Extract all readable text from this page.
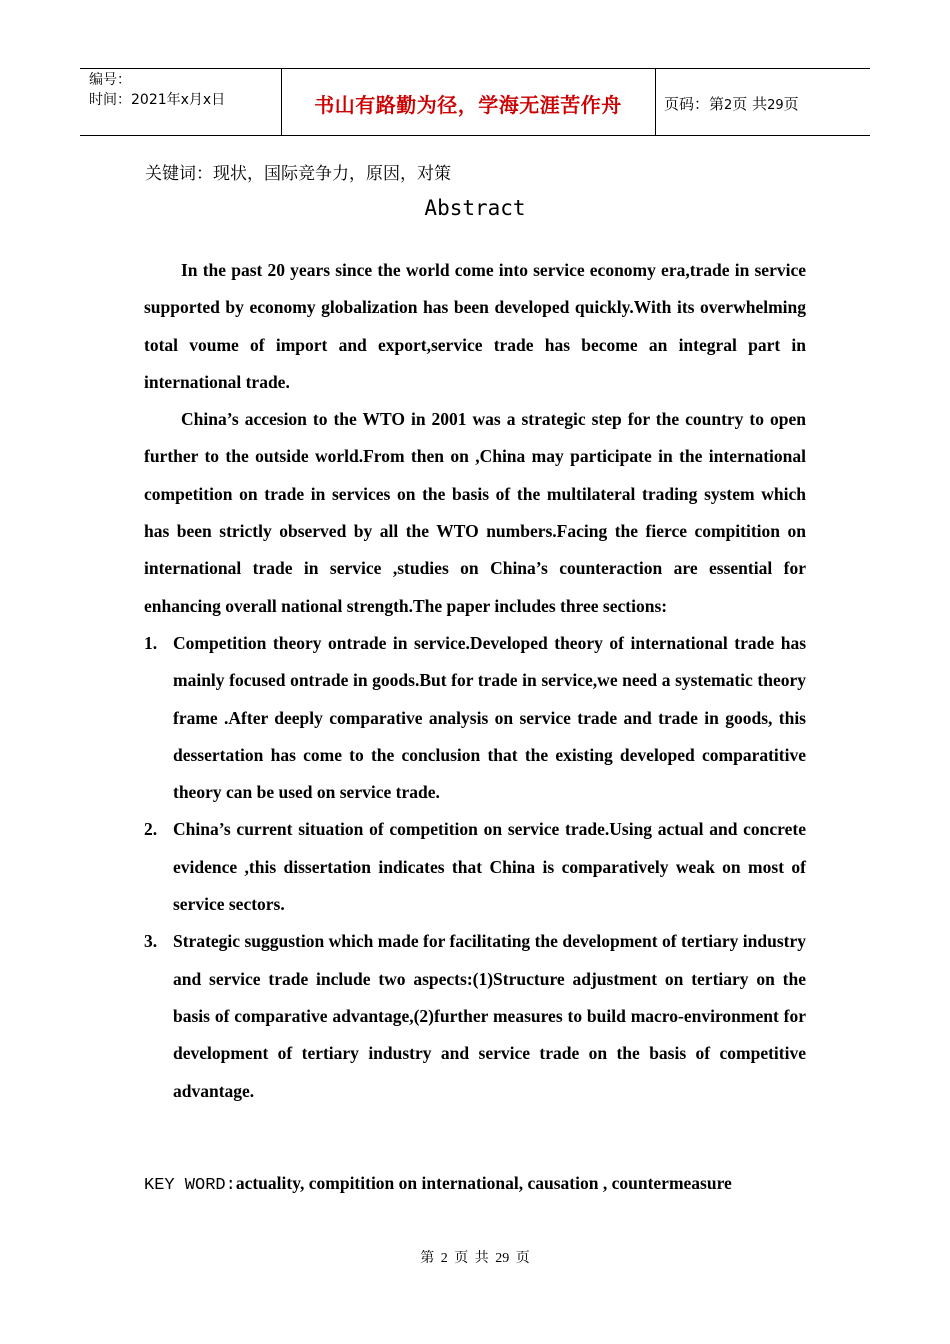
编号：
时间：2021年x月x日	书山有路勤为径，学海无涯苦作舟	页码：第2页 共29页
关键词：现状，国际竞争力，原因，对策
Abstract

In the past 20 years since the world come into service economy era,trade in service supported by economy globalization has been developed quickly.With its overwhelming total voume of import and export,service trade has become an integral part in international trade.

China’s accesion to the WTO in 2001 was a strategic step for the country to open further to the outside world.From then on ,China may participate in the international competition on trade in services on the basis of the multilateral trading system which has been strictly observed by all the WTO numbers.Facing the fierce compitition on international trade in service ,studies on China’s counteraction are essential for enhancing overall national strength.The paper includes three sections:

1. Competition theory ontrade in service.Developed theory of international trade has mainly focused ontrade in goods.But for trade in service,we need a systematic theory frame .After deeply comparative analysis on service trade and trade in goods, this dessertation has come to the conclusion that the existing developed comparatitive theory can be used on service trade.
2. China’s current situation of competition on service trade.Using actual and concrete evidence ,this dissertation indicates that China is comparatively weak on most of service sectors.
3. Strategic suggustion which made for facilitating the development of tertiary industry and service trade include two aspects:(1)Structure adjustment on tertiary on the basis of comparative advantage,(2)further measures to build macro-environment for development of tertiary industry and service trade on the basis of competitive advantage.
KEY WORD:actuality, compitition on international, causation , countermeasure
第 2 页 共 29 页
